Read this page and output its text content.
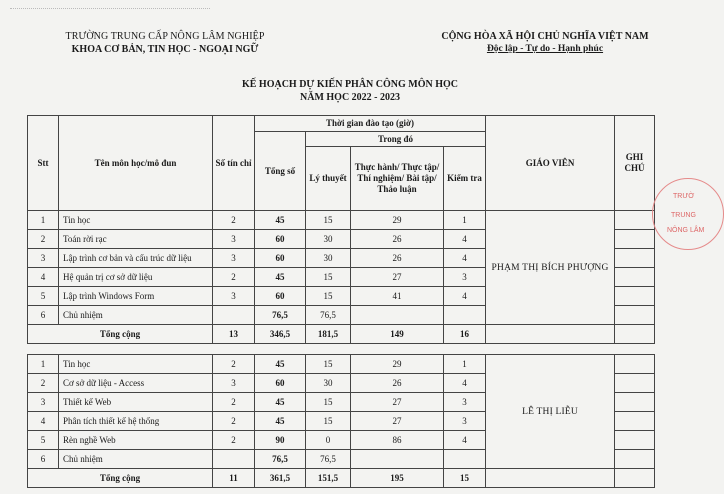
TRƯỜNG TRUNG CẤP NÔNG LÂM NGHIỆP
KHOA CƠ BẢN, TIN HỌC - NGOẠI NGỮ
CỘNG HÒA XÃ HỘI CHỦ NGHĨA VIỆT NAM
Độc lập - Tự do - Hạnh phúc
KẾ HOẠCH DỰ KIẾN PHÂN CÔNG MÔN HỌC
NĂM HỌC 2022 - 2023
Stt	Tên môn học/mô đun	Số tín chỉ	Thời gian đào tạo (giờ)				GIÁO VIÊN	GHI CHÚ
			Tổng số	Trong đó				
				Lý thuyết	Thực hành/ Thực tập/ Thí nghiệm/ Bài tập/ Thảo luận	Kiểm tra		
1	Tin học	2	45	15	29	1	PHẠM THỊ BÍCH PHƯỢNG	
2	Toán rời rạc	3	60	30	26	4		
3	Lập trình cơ bản và cấu trúc dữ liệu	3	60	30	26	4		
4	Hệ quản trị cơ sở dữ liệu	2	45	15	27	3		
5	Lập trình Windows Form	3	60	15	41	4		
6	Chủ nhiệm		76,5	76,5				
Tổng cộng		13	346,5	181,5	149	16		

1	Tin học	2	45	15	29	1	LÊ THỊ LIỄU	
2	Cơ sở dữ liệu - Access	3	60	30	26	4		
3	Thiết kế Web	2	45	15	27	3		
4	Phân tích thiết kế hệ thống	2	45	15	27	3		
5	Rèn nghề Web	2	90	0	86	4		
6	Chủ nhiệm		76,5	76,5				
Tổng cộng		11	361,5	151,5	195	15		
TRƯỜ
TRUNG
NÔNG LÂM
